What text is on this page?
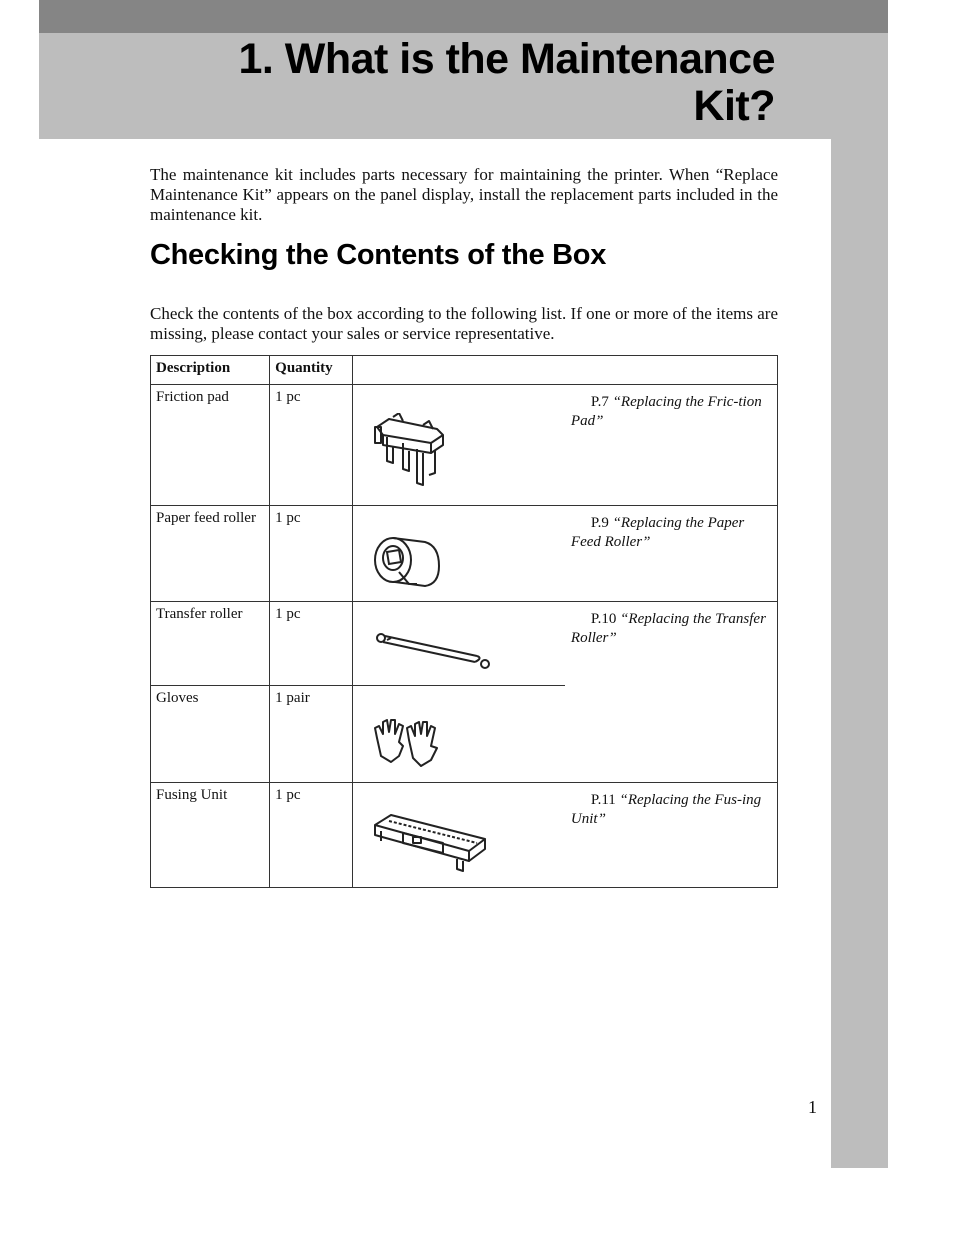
1. What is the Maintenance Kit?

The maintenance kit includes parts necessary for maintaining the printer. When “Replace Maintenance Kit” appears on the panel display, install the replacement parts included in the maintenance kit.

Checking the Contents of the Box

Check the contents of the box according to the following list. If one or more of the items are missing, please contact your sales or service representative.

Description	Quantity		
Friction pad	1 pc		P.7 “Replacing the Fric-tion Pad”

Paper feed roller	1 pc		P.9 “Replacing the Paper Feed Roller”

Transfer roller	1 pc		P.10 “Replacing the Transfer Roller”

Gloves	1 pair	

Fusing Unit	1 pc		P.11 “Replacing the Fus-ing Unit”
1
